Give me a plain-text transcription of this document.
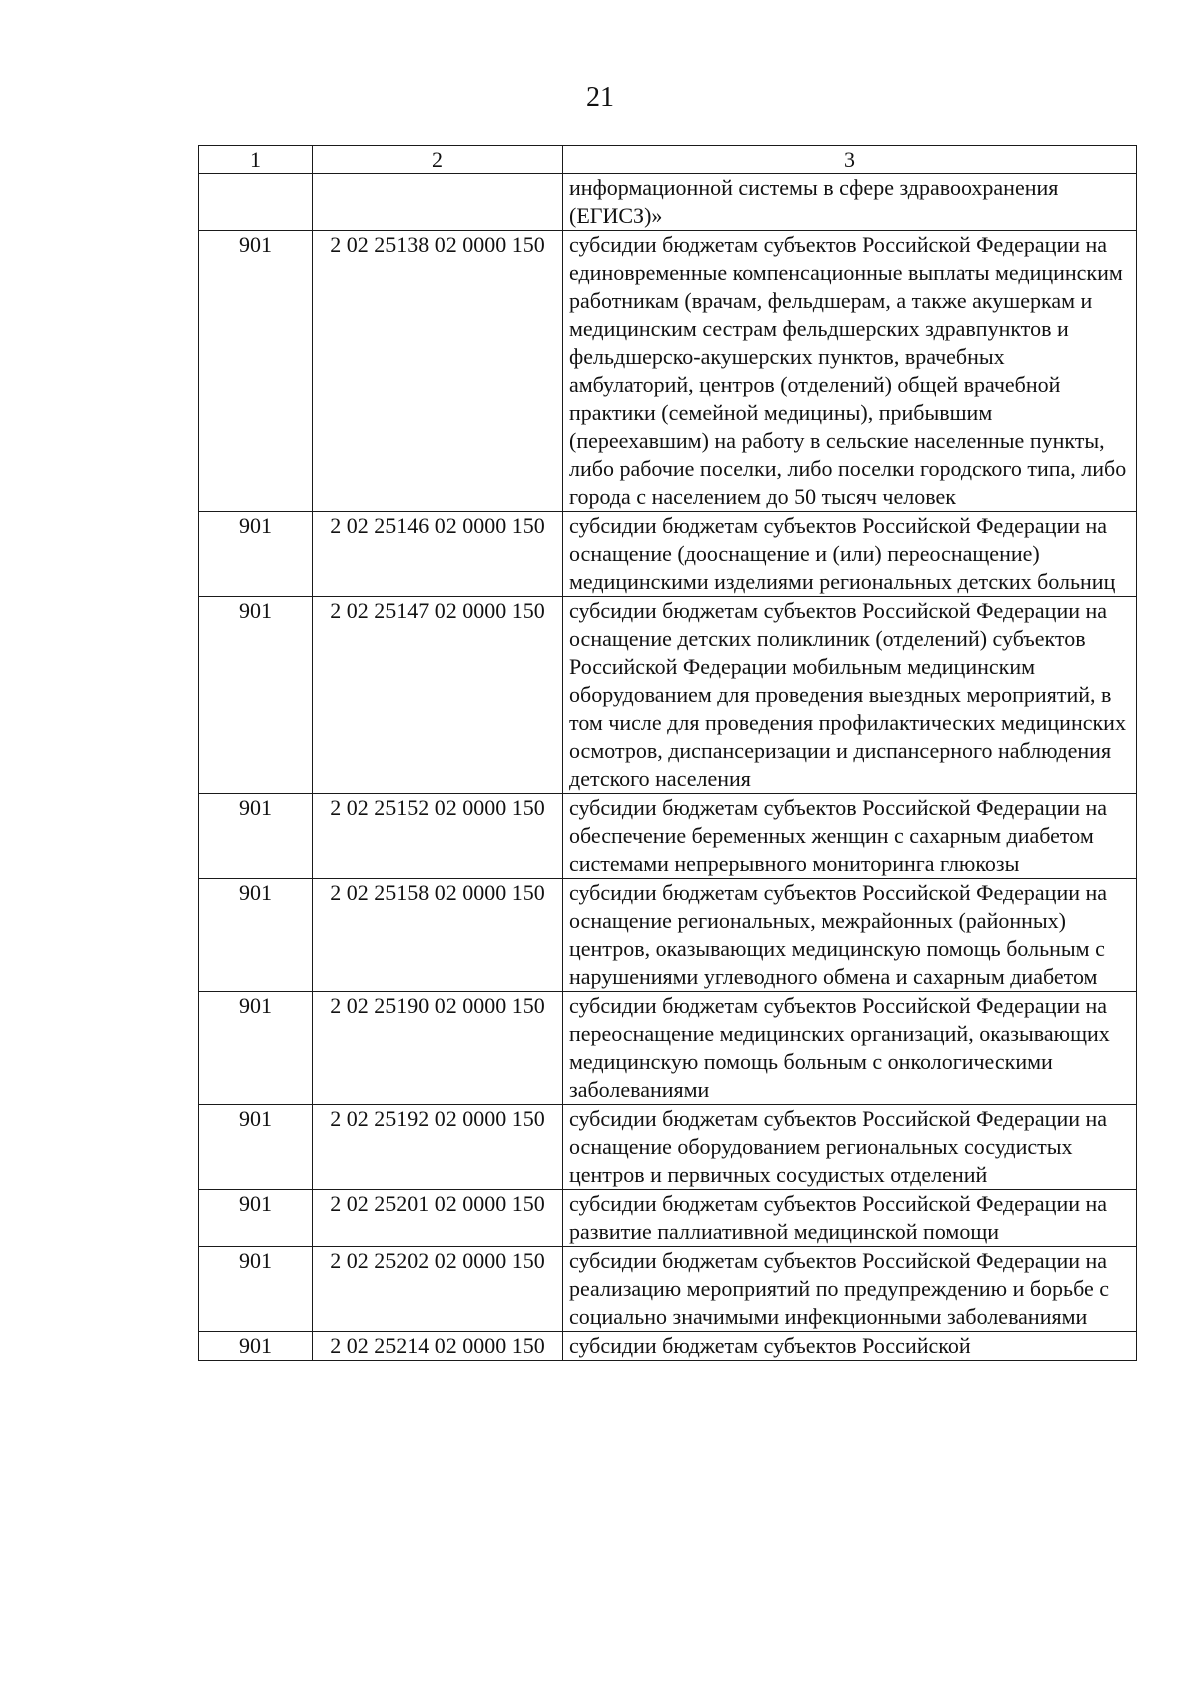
21
1	2	3
		информационной системы в сфере здравоохранения (ЕГИСЗ)»
901	2 02 25138 02 0000 150	субсидии бюджетам субъектов Российской Федерации на единовременные компенсационные выплаты медицинским работникам (врачам, фельдшерам, а также акушеркам и медицинским сестрам фельдшерских здравпунктов и фельдшерско-акушерских пунктов, врачебных амбулаторий, центров (отделений) общей врачебной практики (семейной медицины), прибывшим (переехавшим) на работу в сельские населенные пункты, либо рабочие поселки, либо поселки городского типа, либо города с населением до 50 тысяч человек
901	2 02 25146 02 0000 150	субсидии бюджетам субъектов Российской Федерации на оснащение (дооснащение и (или) переоснащение) медицинскими изделиями региональных детских больниц
901	2 02 25147 02 0000 150	субсидии бюджетам субъектов Российской Федерации на оснащение детских поликлиник (отделений) субъектов Российской Федерации мобильным медицинским оборудованием для проведения выездных мероприятий, в том числе для проведения профилактических медицинских осмотров, диспансеризации и диспансерного наблюдения детского населения
901	2 02 25152 02 0000 150	субсидии бюджетам субъектов Российской Федерации на обеспечение беременных женщин с сахарным диабетом системами непрерывного мониторинга глюкозы
901	2 02 25158 02 0000 150	субсидии бюджетам субъектов Российской Федерации на оснащение региональных, межрайонных (районных) центров, оказывающих медицинскую помощь больным с нарушениями углеводного обмена и сахарным диабетом
901	2 02 25190 02 0000 150	субсидии бюджетам субъектов Российской Федерации на переоснащение медицинских организаций, оказывающих медицинскую помощь больным с онкологическими заболеваниями
901	2 02 25192 02 0000 150	субсидии бюджетам субъектов Российской Федерации на оснащение оборудованием региональных сосудистых центров и первичных сосудистых отделений
901	2 02 25201 02 0000 150	субсидии бюджетам субъектов Российской Федерации на развитие паллиативной медицинской помощи
901	2 02 25202 02 0000 150	субсидии бюджетам субъектов Российской Федерации на реализацию мероприятий по предупреждению и борьбе с социально значимыми инфекционными заболеваниями
901	2 02 25214 02 0000 150	субсидии бюджетам субъектов Российской
